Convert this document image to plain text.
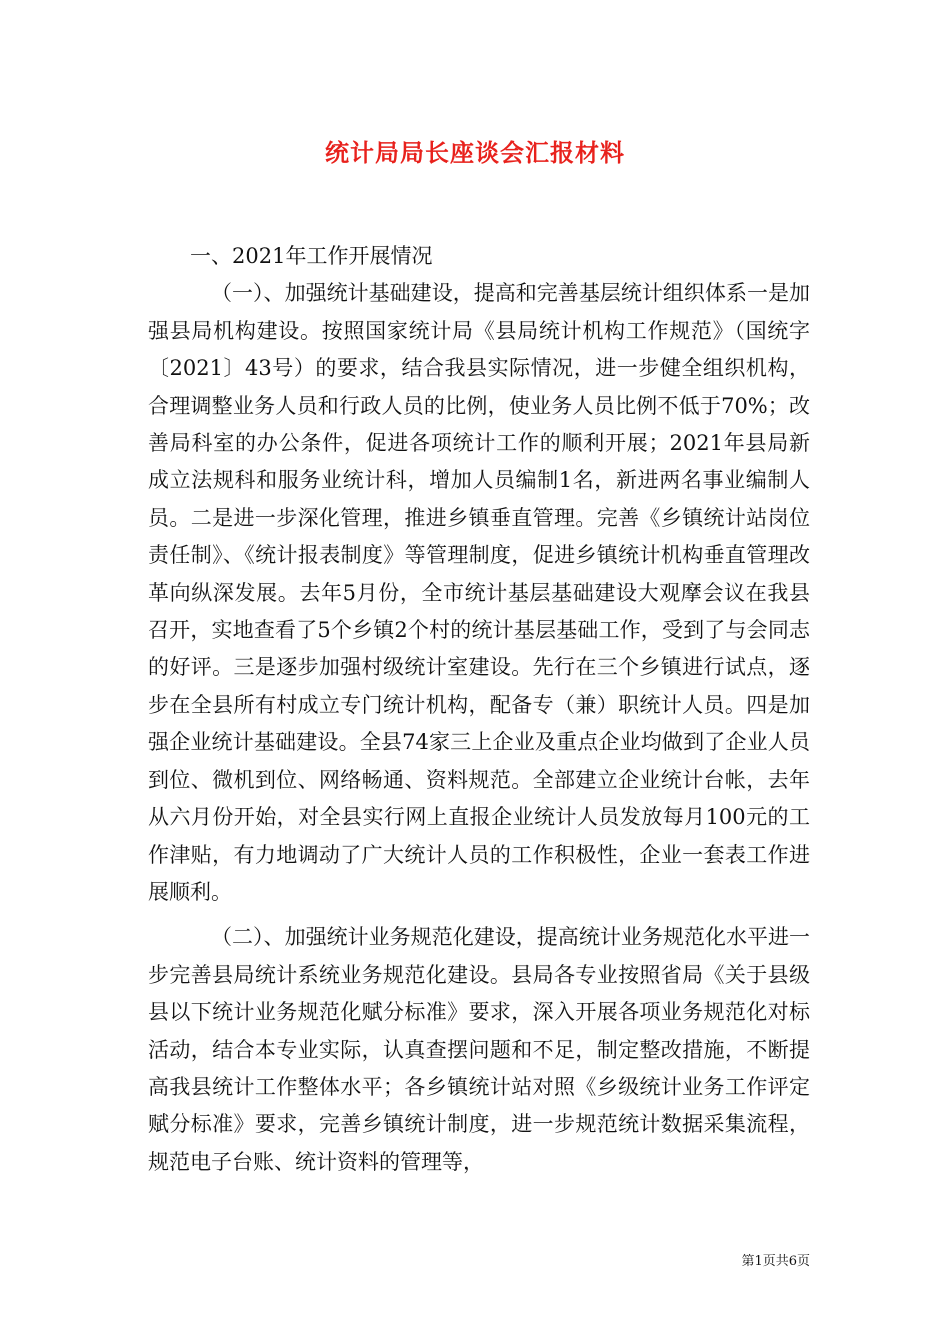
统计局局长座谈会汇报材料

一、2021年工作开展情况

（一）、加强统计基础建设，提高和完善基层统计组织体系一是加强县局机构建设。按照国家统计局《县局统计机构工作规范》（国统字〔2021〕43号）的要求，结合我县实际情况，进一步健全组织机构，合理调整业务人员和行政人员的比例，使业务人员比例不低于70%；改善局科室的办公条件，促进各项统计工作的顺利开展；2021年县局新成立法规科和服务业统计科，增加人员编制1名，新进两名事业编制人员。二是进一步深化管理，推进乡镇垂直管理。完善《乡镇统计站岗位责任制》、《统计报表制度》等管理制度，促进乡镇统计机构垂直管理改革向纵深发展。去年5月份，全市统计基层基础建设大观摩会议在我县召开，实地查看了5个乡镇2个村的统计基层基础工作，受到了与会同志的好评。三是逐步加强村级统计室建设。先行在三个乡镇进行试点，逐步在全县所有村成立专门统计机构，配备专（兼）职统计人员。四是加强企业统计基础建设。全县74家三上企业及重点企业均做到了企业人员到位、微机到位、网络畅通、资料规范。全部建立企业统计台帐，去年从六月份开始，对全县实行网上直报企业统计人员发放每月100元的工作津贴，有力地调动了广大统计人员的工作积极性，企业一套表工作进展顺利。

（二）、加强统计业务规范化建设，提高统计业务规范化水平进一步完善县局统计系统业务规范化建设。县局各专业按照省局《关于县级县以下统计业务规范化赋分标准》要求，深入开展各项业务规范化对标活动，结合本专业实际，认真查摆问题和不足，制定整改措施，不断提高我县统计工作整体水平；各乡镇统计站对照《乡级统计业务工作评定赋分标准》要求，完善乡镇统计制度，进一步规范统计数据采集流程，规范电子台账、统计资料的管理等，

第1页共6页
